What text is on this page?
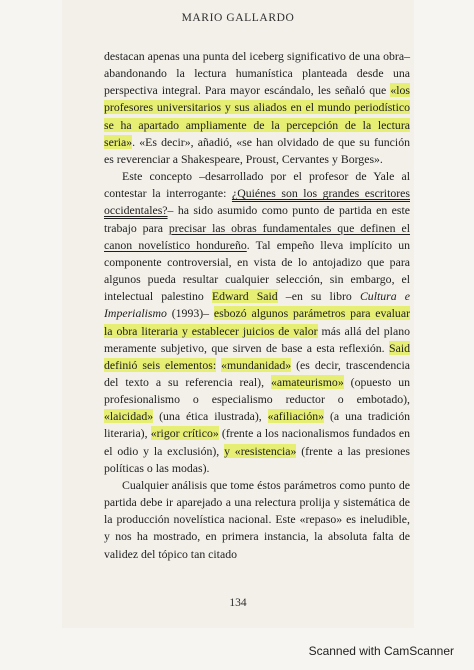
MARIO GALLARDO

destacan apenas una punta del iceberg significativo de una obra– abandonando la lectura humanística planteada desde una perspectiva integral. Para mayor escándalo, les señaló que «los profesores universitarios y sus aliados en el mundo periodístico se ha apartado ampliamente de la percepción de la lectura seria». «Es decir», añadió, «se han olvidado de que su función es reverenciar a Shakespeare, Proust, Cervantes y Borges».

Este concepto –desarrollado por el profesor de Yale al contestar la interrogante: ¿Quiénes son los grandes escritores occidentales?– ha sido asumido como punto de partida en este trabajo para precisar las obras fundamentales que definen el canon novelístico hondureño. Tal empeño lleva implícito un componente controversial, en vista de lo antojadizo que para algunos pueda resultar cualquier selección, sin embargo, el intelectual palestino Edward Said –en su libro Cultura e Imperialismo (1993)– esbozó algunos parámetros para evaluar la obra literaria y establecer juicios de valor más allá del plano meramente subjetivo, que sirven de base a esta reflexión. Said definió seis elementos: «mundanidad» (es decir, trascendencia del texto a su referencia real), «amateurismo» (opuesto un profesionalismo o especialismo reductor o embotado), «laicidad» (una ética ilustrada), «afiliación» (a una tradición literaria), «rigor crítico» (frente a los nacionalismos fundados en el odio y la exclusión), y «resistencia» (frente a las presiones políticas o las modas).

Cualquier análisis que tome éstos parámetros como punto de partida debe ir aparejado a una relectura prolija y sistemática de la producción novelística nacional. Este «repaso» es ineludible, y nos ha mostrado, en primera instancia, la absoluta falta de validez del tópico tan citado

134
Scanned with CamScanner
